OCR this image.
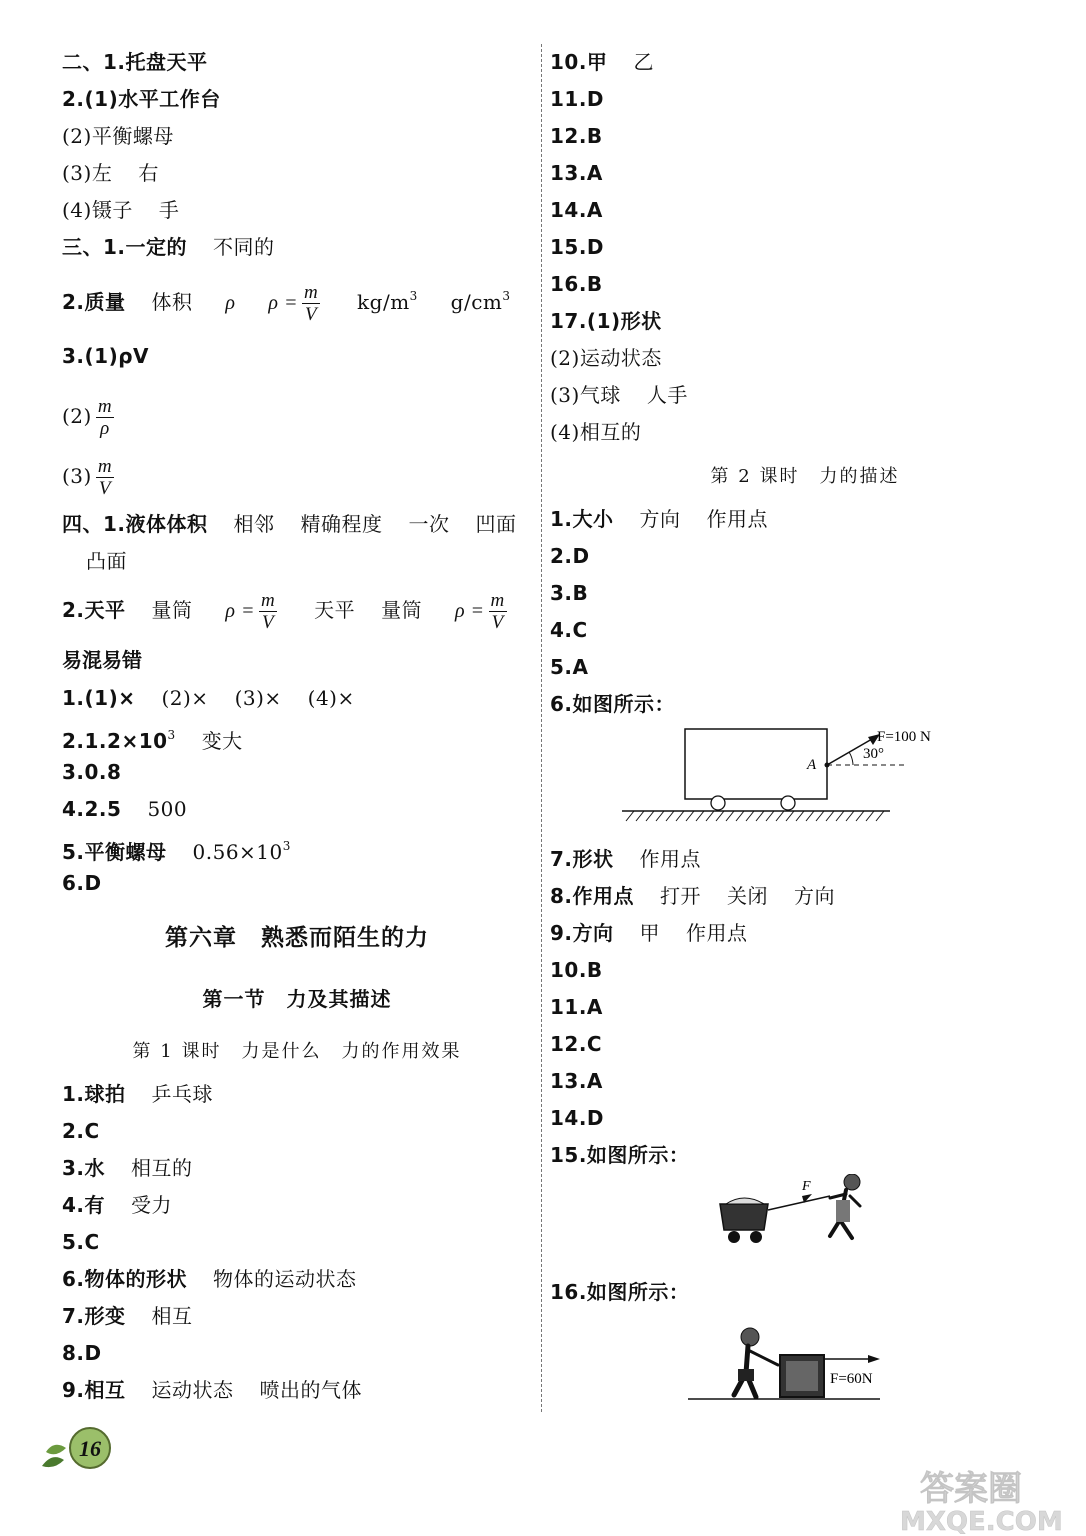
二、1.托盘天平
2.(1)水平工作台
(2)平衡螺母
(3)左 右
(4)镊子 手
三、1.一定的 不同的
2.质量 体积 ρ $\rho = \frac{m}{V} kg/m^3$ $g/cm^3$
3.(1)ρV
$(2) \frac{m}{\rho}$
$(3) \frac{m}{V}$
四、1.液体体积 相邻 精确程度 一次 凹面
凸面
2.天平 量筒 $\rho = \frac{m}{V}$ 天平 量筒 $\rho = \frac{m}{V}$
易混易错
1.(1)× (2)× (3)× (4)×
$2.1.2\times 10^3$ 变大
3.0.8
4.2.5 500
5.平衡螺母 $0.56\times 10^3$
6.D
第六章　熟悉而陌生的力
第一节　力及其描述
第 1 课时　力是什么　力的作用效果
1.球拍 乒乓球
2.C
3.水 相互的
4.有 受力
5.C
6.物体的形状 物体的运动状态
7.形变 相互
8.D
9.相互 运动状态 喷出的气体
10.甲 乙
11.D
12.B
13.A
14.A
15.D
16.B
17.(1)形状
(2)运动状态
(3)气球 人手
(4)相互的
第 2 课时　力的描述
1.大小 方向 作用点
2.D
3.B
4.C
5.A
6.如图所示：
A
30°
F=100 N
7.形状 作用点
8.作用点 打开 关闭 方向
9.方向 甲 作用点
10.B
11.A
12.C
13.A
14.D
15.如图所示：
F
16.如图所示：
F=60N
16
答案圈 MXQE.COM
